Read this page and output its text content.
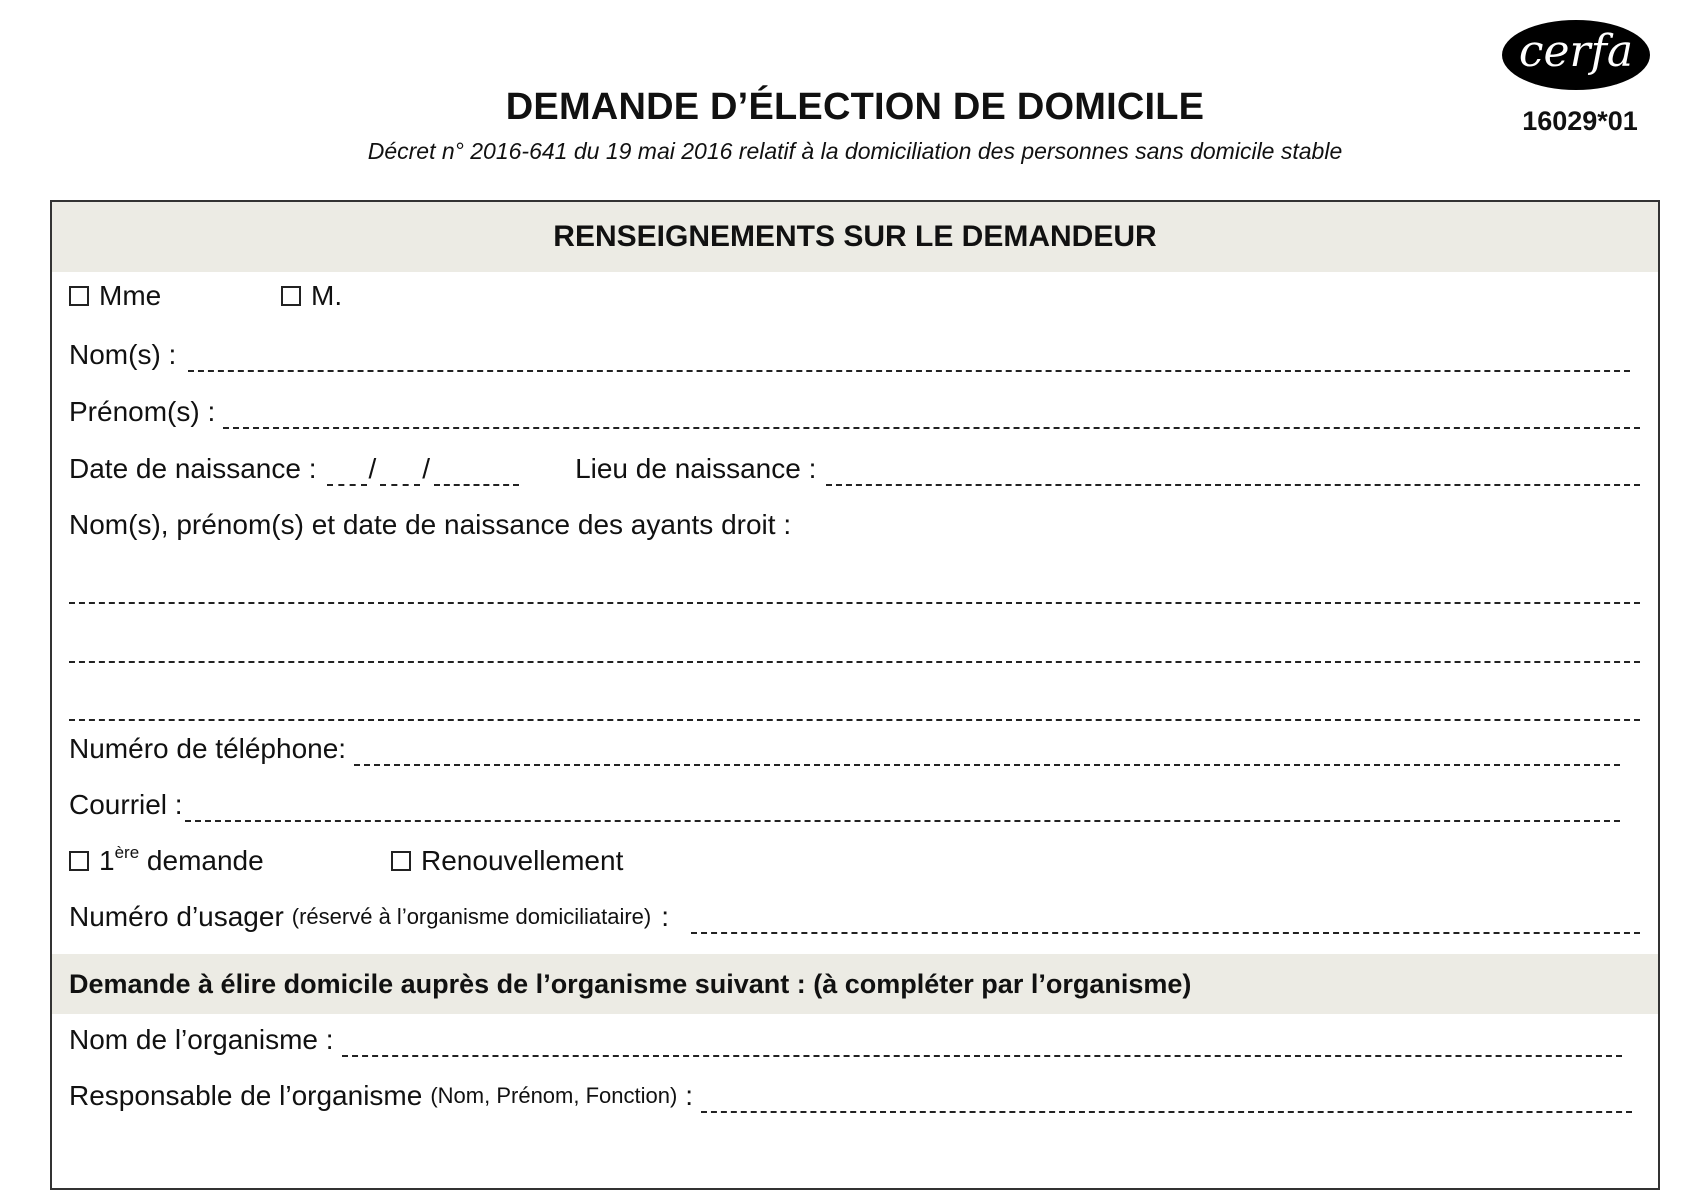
DEMANDE D’ÉLECTION DE DOMICILE
Décret n° 2016-641 du 19 mai 2016 relatif à la domiciliation des personnes sans domicile stable
cerfa
16029*01
RENSEIGNEMENTS SUR LE DEMANDEUR
Mme	M.
Nom(s) :
Prénom(s) :
Date de naissance : / /	Lieu de naissance :
Nom(s), prénom(s) et date de naissance des ayants droit :
Numéro de téléphone:
Courriel :
1ère demande	Renouvellement
Numéro d’usager (réservé à l’organisme domiciliataire) :
Demande à élire domicile auprès de l’organisme suivant : (à compléter par l’organisme)
Nom de l’organisme :
Responsable de l’organisme (Nom, Prénom, Fonction) :
